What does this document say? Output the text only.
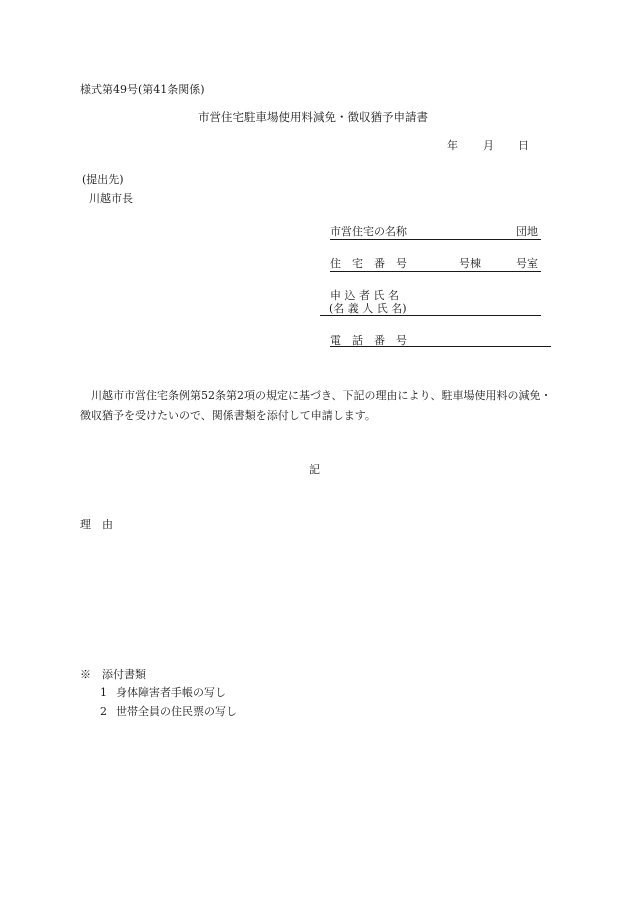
様式第49号(第41条関係)
市営住宅駐車場使用料減免・徴収猶予申請書
年 月 日
(提出先)
川越市長
市営住宅の名称	団地
住　宅　番　号	号棟	号室
申 込 者 氏 名
(名 義 人 氏 名)
電　話　番　号
川越市市営住宅条例第52条第2項の規定に基づき、下記の理由により、駐車場使用料の減免・徴収猶予を受けたいので、関係書類を添付して申請します。
記
理　由
※　添付書類
1 身体障害者手帳の写し
2 世帯全員の住民票の写し
